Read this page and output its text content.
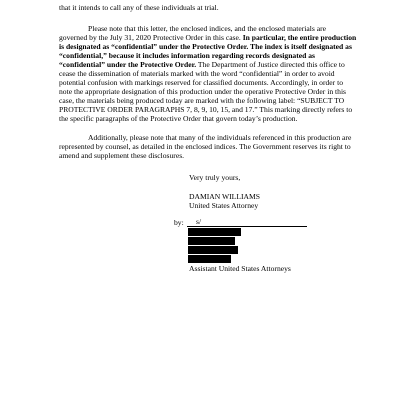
that it intends to call any of these individuals at trial.

Please note that this letter, the enclosed indices, and the enclosed materials are
governed by the July 31, 2020 Protective Order in this case. In particular, the entire production
is designated as “confidential” under the Protective Order. The index is itself designated as
“confidential,” because it includes information regarding records designated as
“confidential” under the Protective Order. The Department of Justice directed this office to
cease the dissemination of materials marked with the word “confidential” in order to avoid
potential confusion with markings reserved for classified documents. Accordingly, in order to
note the appropriate designation of this production under the operative Protective Order in this
case, the materials being produced today are marked with the following label: “SUBJECT TO
PROTECTIVE ORDER PARAGRAPHS 7, 8, 9, 10, 15, and 17.” This marking directly refers to
the specific paragraphs of the Protective Order that govern today’s production.
Additionally, please note that many of the individuals referenced in this production are
represented by counsel, as detailed in the enclosed indices. The Government reserves its right to
amend and supplement these disclosures.
Very truly yours,
DAMIAN WILLIAMS
United States Attorney
by: s/
Assistant United States Attorneys
